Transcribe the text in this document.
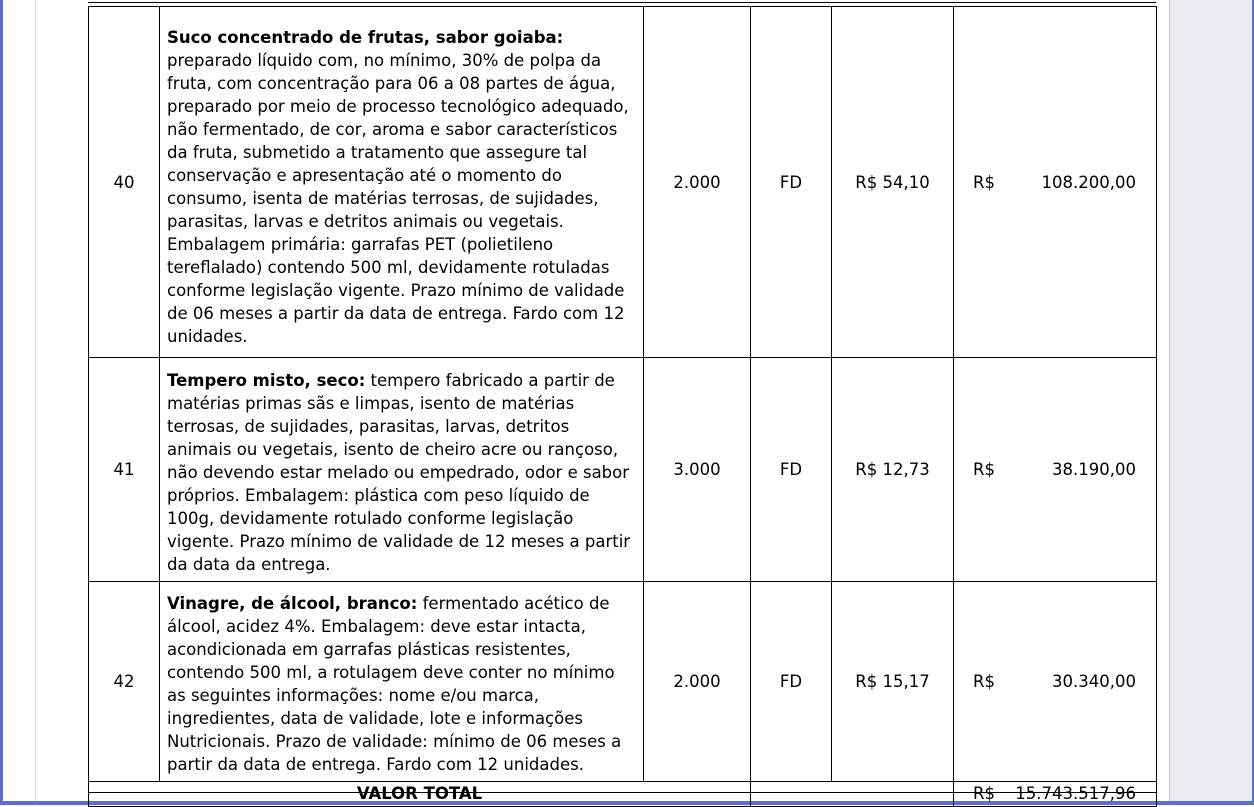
40	Suco concentrado de frutas, sabor goiaba: preparado líquido com, no mínimo, 30% de polpa da fruta, com concentração para 06 a 08 partes de água, preparado por meio de processo tecnológico adequado, não fermentado, de cor, aroma e sabor característicos da fruta, submetido a tratamento que assegure tal conservação e apresentação até o momento do consumo, isenta de matérias terrosas, de sujidades, parasitas, larvas e detritos animais ou vegetais. Embalagem primária: garrafas PET (polietileno tereflalado) contendo 500 ml, devidamente rotuladas conforme legislação vigente. Prazo mínimo de validade de 06 meses a partir da data de entrega. Fardo com 12 unidades.	2.000	FD	R$ 54,10	R$ 108.200,00

41	Tempero misto, seco: tempero fabricado a partir de matérias primas sãs e limpas, isento de matérias terrosas, de sujidades, parasitas, larvas, detritos animais ou vegetais, isento de cheiro acre ou rançoso, não devendo estar melado ou empedrado, odor e sabor próprios. Embalagem: plástica com peso líquido de 100g, devidamente rotulado conforme legislação vigente. Prazo mínimo de validade de 12 meses a partir da data da entrega.	3.000	FD	R$ 12,73	R$ 38.190,00

42	Vinagre, de álcool, branco: fermentado acético de álcool, acidez 4%. Embalagem: deve estar intacta, acondicionada em garrafas plásticas resistentes, contendo 500 ml, a rotulagem deve conter no mínimo as seguintes informações: nome e/ou marca, ingredientes, data de validade, lote e informações Nutricionais. Prazo de validade: mínimo de 06 meses a partir da data de entrega. Fardo com 12 unidades.	2.000	FD	R$ 15,17	R$ 30.340,00

VALOR TOTAL					R$ 15.743.517,96
